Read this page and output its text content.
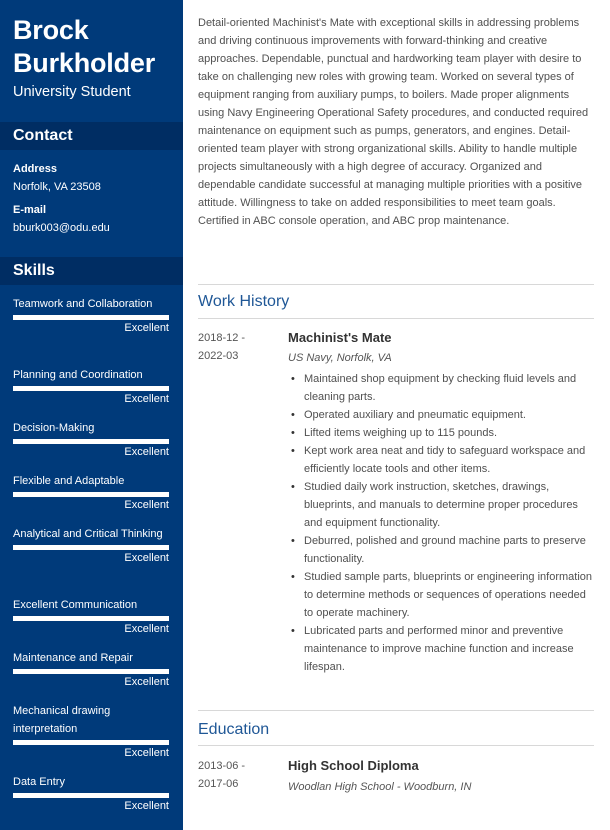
Brock Burkholder
University Student
Contact
Address
Norfolk, VA 23508
E-mail
bburk003@odu.edu
Skills
Teamwork and Collaboration
Excellent
Planning and Coordination
Excellent
Decision-Making
Excellent
Flexible and Adaptable
Excellent
Analytical and Critical Thinking
Excellent
Excellent Communication
Excellent
Maintenance and Repair
Excellent
Mechanical drawing interpretation
Excellent
Data Entry
Excellent
Detail-oriented Machinist's Mate with exceptional skills in addressing problems and driving continuous improvements with forward-thinking and creative approaches. Dependable, punctual and hardworking team player with desire to take on challenging new roles with growing team. Worked on several types of equipment ranging from auxiliary pumps, to boilers. Made proper alignments using Navy Engineering Operational Safety procedures, and conducted required maintenance on equipment such as pumps, generators, and engines. Detail-oriented team player with strong organizational skills. Ability to handle multiple projects simultaneously with a high degree of accuracy. Organized and dependable candidate successful at managing multiple priorities with a positive attitude. Willingness to take on added responsibilities to meet team goals. Certified in ABC console operation, and ABC prop maintenance.
Work History
2018-12 -
2022-03
Machinist's Mate
US Navy, Norfolk, VA
• Maintained shop equipment by checking fluid levels and cleaning parts.
• Operated auxiliary and pneumatic equipment.
• Lifted items weighing up to 115 pounds.
• Kept work area neat and tidy to safeguard workspace and efficiently locate tools and other items.
• Studied daily work instruction, sketches, drawings, blueprints, and manuals to determine proper procedures and equipment functionality.
• Deburred, polished and ground machine parts to preserve functionality.
• Studied sample parts, blueprints or engineering information to determine methods or sequences of operations needed to operate machinery.
• Lubricated parts and performed minor and preventive maintenance to improve machine function and increase lifespan.
Education
2013-06 -
2017-06
High School Diploma
Woodlan High School - Woodburn, IN
